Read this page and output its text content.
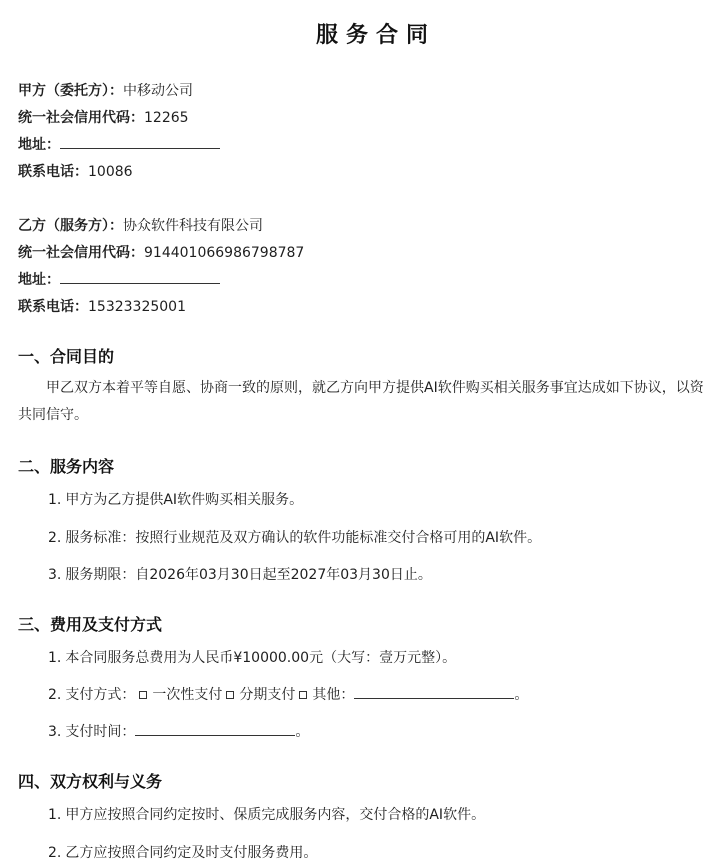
服务合同
甲方（委托方）：中移动公司
统一社会信用代码：12265
地址：
联系电话：10086
乙方（服务方）：协众软件科技有限公司
统一社会信用代码：914401066986798787
地址：
联系电话：15323325001
一、合同目的
甲乙双方本着平等自愿、协商一致的原则，就乙方向甲方提供AI软件购买相关服务事宜达成如下协议，以资共同信守。
二、服务内容
1. 甲方为乙方提供AI软件购买相关服务。
2. 服务标准：按照行业规范及双方确认的软件功能标准交付合格可用的AI软件。
3. 服务期限：自2026年03月30日起至2027年03月30日止。
三、费用及支付方式
1. 本合同服务总费用为人民币¥10000.00元（大写：壹万元整）。
2. 支付方式： 一次性支付 分期支付 其他：	。
3. 支付时间：	。
四、双方权利与义务
1. 甲方应按照合同约定按时、保质完成服务内容，交付合格的AI软件。
2. 乙方应按照合同约定及时支付服务费用。
